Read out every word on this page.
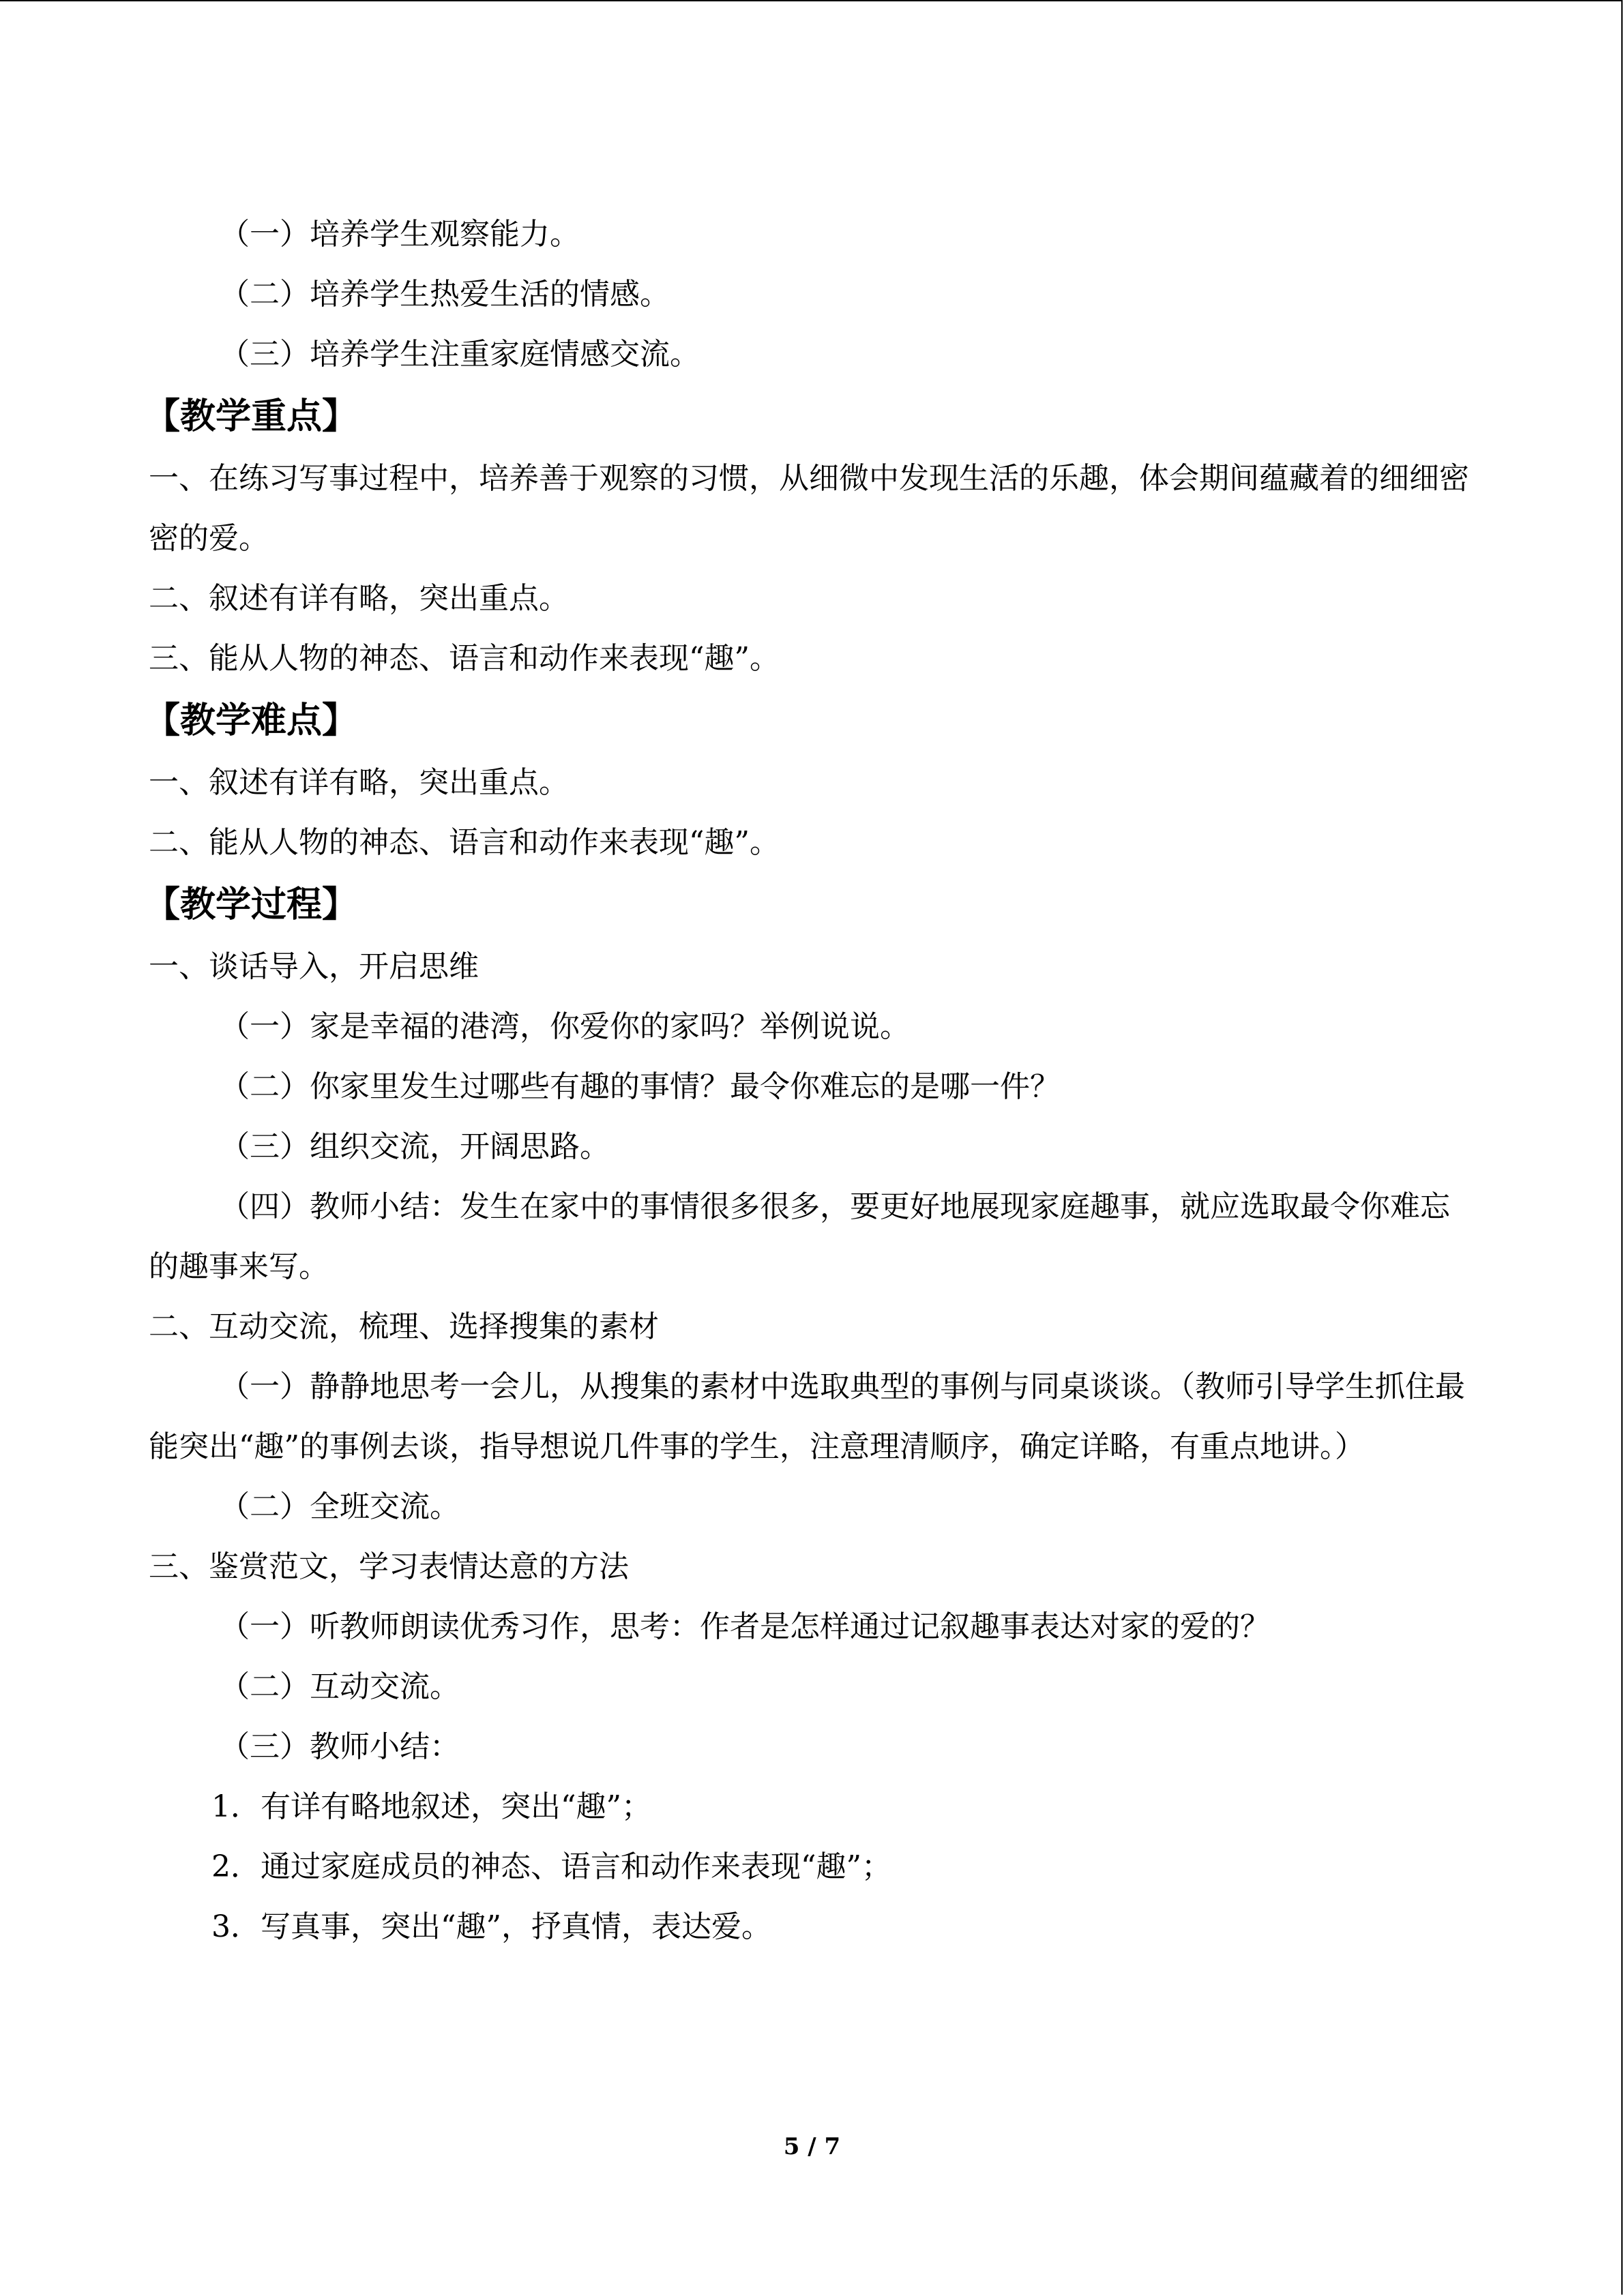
（一）培养学生观察能力。
（二）培养学生热爱生活的情感。
（三）培养学生注重家庭情感交流。
【教学重点】
一、在练习写事过程中，培养善于观察的习惯，从细微中发现生活的乐趣，体会期间蕴藏着的细细密密的爱。
二、叙述有详有略，突出重点。
三、能从人物的神态、语言和动作来表现“趣”。
【教学难点】
一、叙述有详有略，突出重点。
二、能从人物的神态、语言和动作来表现“趣”。
【教学过程】
一、谈话导入，开启思维
（一）家是幸福的港湾，你爱你的家吗？举例说说。
（二）你家里发生过哪些有趣的事情？最令你难忘的是哪一件？
（三）组织交流，开阔思路。
（四）教师小结：发生在家中的事情很多很多，要更好地展现家庭趣事，就应选取最令你难忘的趣事来写。
二、互动交流，梳理、选择搜集的素材
（一）静静地思考一会儿，从搜集的素材中选取典型的事例与同桌谈谈。（教师引导学生抓住最能突出“趣”的事例去谈，指导想说几件事的学生，注意理清顺序，确定详略，有重点地讲。）
（二）全班交流。
三、鉴赏范文，学习表情达意的方法
（一）听教师朗读优秀习作，思考：作者是怎样通过记叙趣事表达对家的爱的？
（二）互动交流。
（三）教师小结：
1．有详有略地叙述，突出“趣”；
2．通过家庭成员的神态、语言和动作来表现“趣”；
3．写真事，突出“趣”，抒真情，表达爱。
5 / 7
